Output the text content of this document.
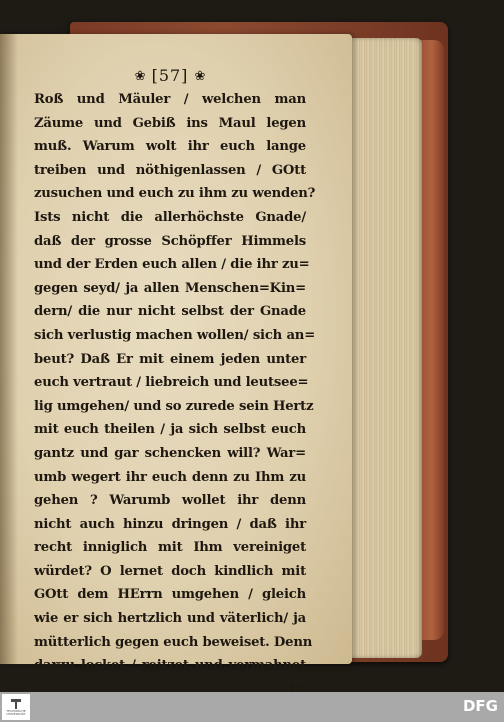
❀ [57] ❀
Roß und Mäuler / welchen man
Zäume und Gebiß ins Maul legen
muß. Warum wolt ihr euch lange
treiben und nöthigenlassen / GOtt
zusuchen und euch zu ihm zu wenden?
Ists nicht die allerhöchste Gnade/
daß der grosse Schöpffer Himmels
und der Erden euch allen / die ihr zu=
gegen seyd/ ja allen Menschen=Kin=
dern/ die nur nicht selbst der Gnade
sich verlustig machen wollen/ sich an=
beut? Daß Er mit einem jeden unter
euch vertraut / liebreich und leutsee=
lig umgehen/ und so zurede sein Hertz
mit euch theilen / ja sich selbst euch
gantz und gar schencken will? War=
umb wegert ihr euch denn zu Ihm zu
gehen ? Warumb wollet ihr denn
nicht auch hinzu dringen / daß ihr
recht inniglich mit Ihm vereiniget
würdet? O lernet doch kindlich mit
GOtt dem HErrn umgehen / gleich
wie er sich hertzlich und väterlich/ ja
mütterlich gegen euch beweiset. Denn
darzu locket / reitzet und vermahnet
Er
TECHNISCHE UNIVERSITÄT	DFG
